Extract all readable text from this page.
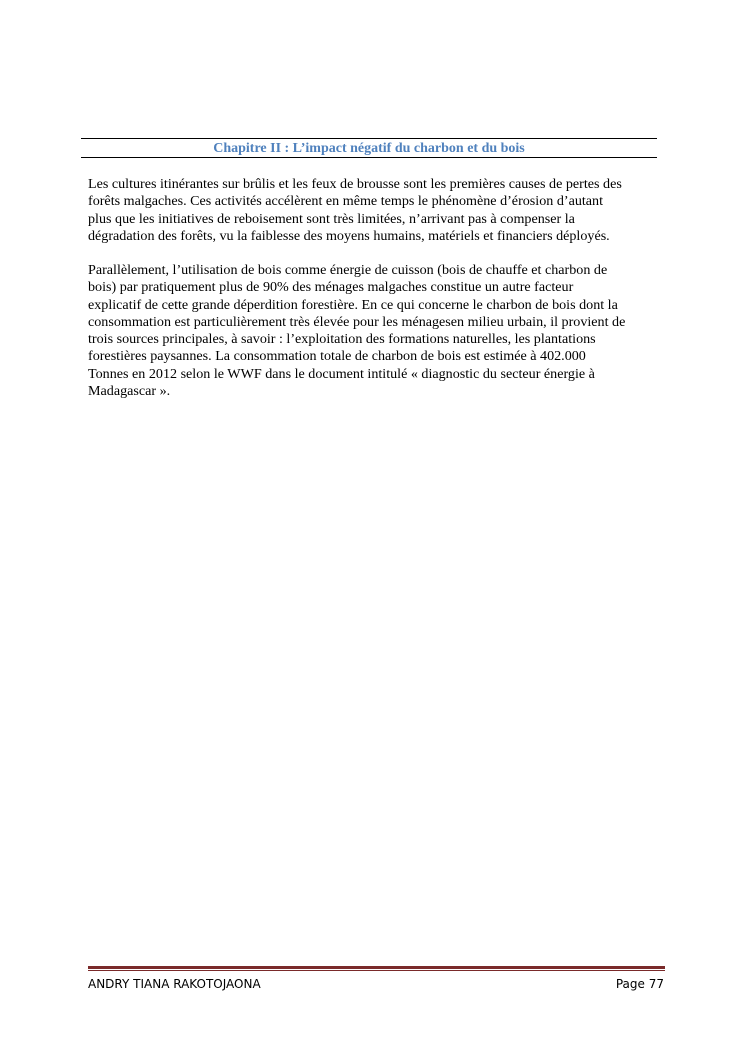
Chapitre II : L’impact négatif du charbon et du bois

Les cultures itinérantes sur brûlis et les feux de brousse sont les premières causes de pertes des
forêts malgaches. Ces activités accélèrent en même temps le phénomène d’érosion d’autant
plus que les initiatives de reboisement sont très limitées, n’arrivant pas à compenser la
dégradation des forêts, vu la faiblesse des moyens humains, matériels et financiers déployés.

Parallèlement, l’utilisation de bois comme énergie de cuisson (bois de chauffe et charbon de
bois) par pratiquement plus de 90% des ménages malgaches constitue un autre facteur
explicatif de cette grande déperdition forestière. En ce qui concerne le charbon de bois dont la
consommation est particulièrement très élevée pour les ménagesen milieu urbain, il provient de
trois sources principales, à savoir : l’exploitation des formations naturelles, les plantations
forestières paysannes. La consommation totale de charbon de bois est estimée à 402.000
Tonnes en 2012 selon le WWF dans le document intitulé « diagnostic du secteur énergie à
Madagascar ».

ANDRY TIANA RAKOTOJAONA	Page 77
